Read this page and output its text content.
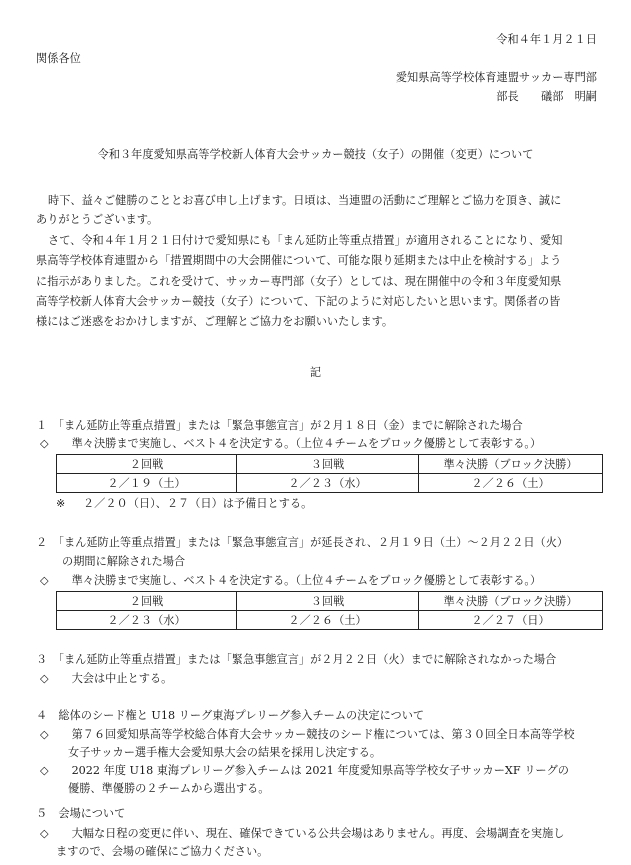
令和４年１月２１日
関係各位
愛知県高等学校体育連盟サッカー専門部
部長　　礒部　明嗣
令和３年度愛知県高等学校新人体育大会サッカー競技（女子）の開催（変更）について
時下、益々ご健勝のこととお喜び申し上げます。日頃は、当連盟の活動にご理解とご協力を頂き、誠に
ありがとうございます。
さて、令和４年１月２１日付けで愛知県にも「まん延防止等重点措置」が適用されることになり、愛知
県高等学校体育連盟から「措置期間中の大会開催について、可能な限り延期または中止を検討する」よう
に指示がありました。これを受けて、サッカー専門部（女子）としては、現在開催中の令和３年度愛知県
高等学校新人体育大会サッカー競技（女子）について、下記のように対応したいと思います。関係者の皆
様にはご迷惑をおかけしますが、ご理解とご協力をお願いいたします。
記
１　「まん延防止等重点措置」または「緊急事態宣言」が２月１８日（金）までに解除された場合
◇ 準々決勝まで実施し、ベスト４を決定する。（上位４チームをブロック優勝として表彰する。）
２回戦	３回戦	準々決勝（ブロック決勝）
２／１９（土）	２／２３（水）	２／２６（土）
※ ２／２０（日）、２７（日）は予備日とする。
２　「まん延防止等重点措置」または「緊急事態宣言」が延長され、２月１９日（土）～２月２２日（火）
の期間に解除された場合
◇ 準々決勝まで実施し、ベスト４を決定する。（上位４チームをブロック優勝として表彰する。）
２回戦	３回戦	準々決勝（ブロック決勝）
２／２３（水）	２／２６（土）	２／２７（日）
３　「まん延防止等重点措置」または「緊急事態宣言」が２月２２日（火）までに解除されなかった場合
◇ 大会は中止とする。
４　総体のシード権と U18 リーグ東海プレリーグ参入チームの決定について
◇ 第７６回愛知県高等学校総合体育大会サッカー競技のシード権については、第３０回全日本高等学校
女子サッカー選手権大会愛知県大会の結果を採用し決定する。
◇ 2022 年度 U18 東海プレリーグ参入チームは 2021 年度愛知県高等学校女子サッカーXF リーグの
優勝、準優勝の２チームから選出する。
５　会場について
◇ 大幅な日程の変更に伴い、現在、確保できている公共会場はありません。再度、会場調査を実施し
ますので、会場の確保にご協力ください。
